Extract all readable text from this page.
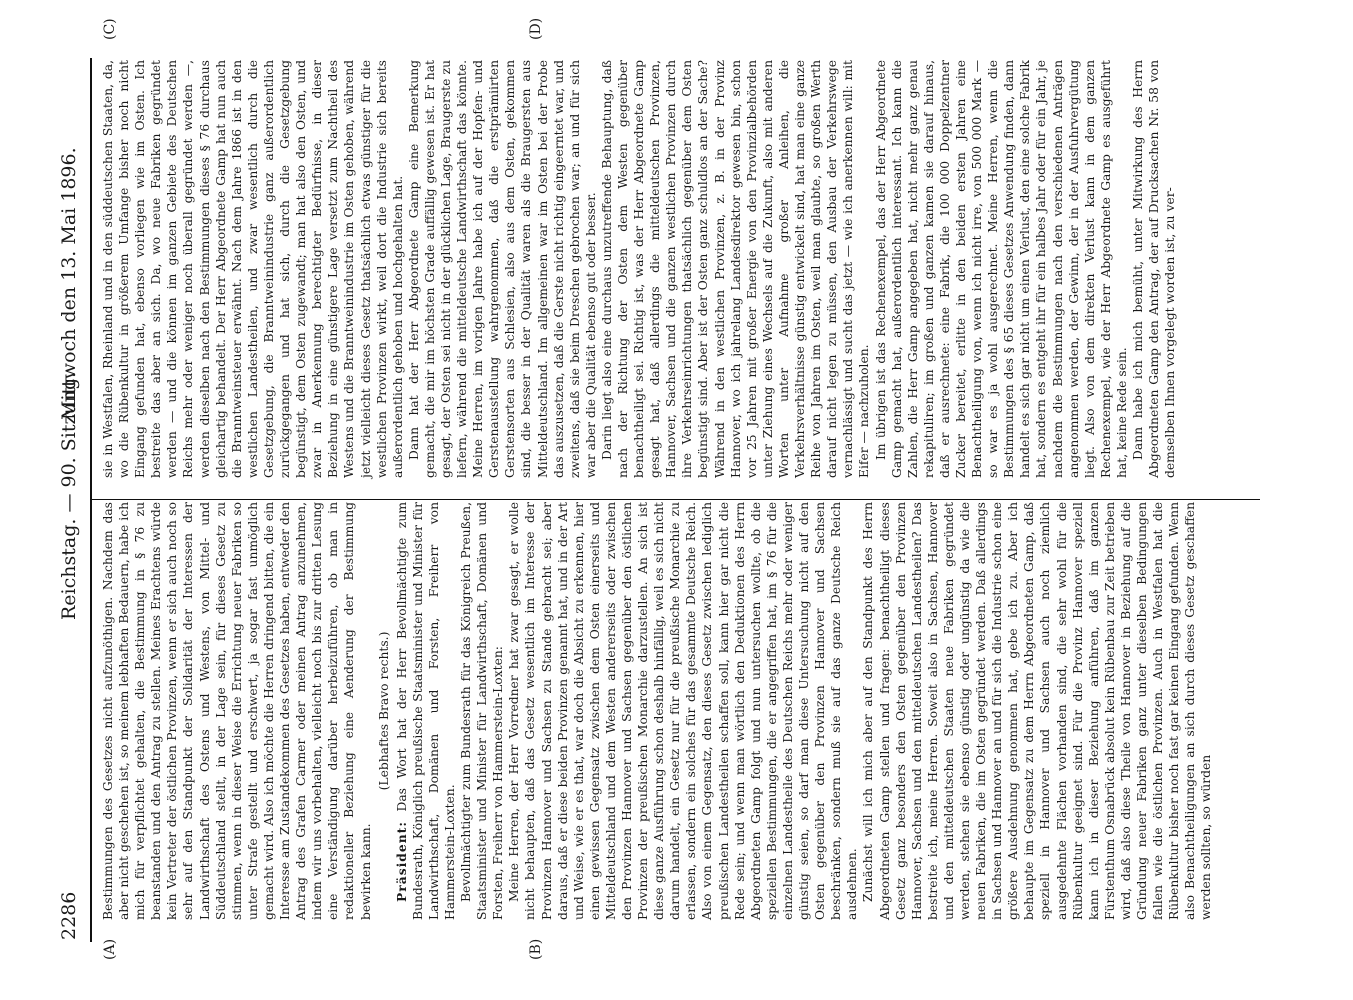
2286
Reichstag. — 90. Sitzung.
Mittwoch den 13. Mai 1896.
(A)	(B)
(C)	(D)

Bestimmungen des Gesetzes nicht aufzunöthigen. Nachdem das aber nicht geschehen ist, so meinem lebhaften Bedauern, habe ich mich für verpflichtet gehalten, die Bestimmung in § 76 zu beanstanden und den Antrag zu stellen. Meines Erachtens würde kein Vertreter der östlichen Provinzen, wenn er sich auch noch so sehr auf den Standpunkt der Solidarität der Interessen der Landwirthschaft des Ostens und Westens, von Mittel- und Süddeutschland stellt, in der Lage sein, für dieses Gesetz zu stimmen, wenn in dieser Weise die Errichtung neuer Fabriken so unter Strafe gestellt und erschwert, ja sogar fast unmöglich gemacht wird. Also ich möchte die Herren dringend bitten, die ein Interesse am Zustandekommen des Gesetzes haben, entweder den Antrag des Grafen Carmer oder meinen Antrag anzunehmen, indem wir uns vorbehalten, vielleicht noch bis zur dritten Lesung eine Verständigung darüber herbeizuführen, ob man in redaktioneller Beziehung eine Aenderung der Bestimmung bewirken kann.

(Lebhaftes Bravo rechts.)

Präsident: Das Wort hat der Herr Bevollmächtigte zum Bundesrath, Königlich preußische Staatsminister und Minister für Landwirthschaft, Domänen und Forsten, Freiherr von Hammerstein-Loxten. Bevollmächtigter zum Bundesrath für das Königreich Preußen, Staatsminister und Minister für Landwirthschaft, Domänen und Forsten, Freiherr von Hammerstein-Loxten: Meine Herren, der Herr Vorredner hat zwar gesagt, er wolle nicht behaupten, daß das Gesetz wesentlich im Interesse der Provinzen Hannover und Sachsen zu Stande gebracht sei; aber daraus, daß er diese beiden Provinzen genannt hat, und in der Art und Weise, wie er es that, war doch die Absicht zu erkennen, hier einen gewissen Gegensatz zwischen dem Osten einerseits und Mitteldeutschland und dem Westen andererseits oder zwischen den Provinzen Hannover und Sachsen gegenüber den östlichen Provinzen der preußischen Monarchie darzustellen. An sich ist diese ganze Ausführung schon deshalb hinfällig, weil es sich nicht darum handelt, ein Gesetz nur für die preußische Monarchie zu erlassen, sondern ein solches für das gesammte Deutsche Reich. Also von einem Gegensatz, den dieses Gesetz zwischen lediglich preußischen Landestheilen schaffen soll, kann hier gar nicht die Rede sein; und wenn man wörtlich den Deduktionen des Herrn Abgeordneten Gamp folgt und nun untersuchen wollte, ob die speziellen Bestimmungen, die er angegriffen hat, im § 76 für die einzelnen Landestheile des Deutschen Reichs mehr oder weniger günstig seien, so darf man diese Untersuchung nicht auf den Osten gegenüber den Provinzen Hannover und Sachsen beschränken, sondern muß sie auf das ganze Deutsche Reich ausdehnen. Zunächst will ich mich aber auf den Standpunkt des Herrn Abgeordneten Gamp stellen und fragen: benachtheiligt dieses Gesetz ganz besonders den Osten gegenüber den Provinzen Hannover, Sachsen und den mitteldeutschen Landestheilen? Das bestreite ich, meine Herren. Soweit also in Sachsen, Hannover und den mitteldeutschen Staaten neue Fabriken gegründet werden, stehen sie ebenso günstig oder ungünstig da wie die neuen Fabriken, die im Osten gegründet werden. Daß allerdings in Sachsen und Hannover an und für sich die Industrie schon eine größere Ausdehnung genommen hat, gebe ich zu. Aber ich behaupte im Gegensatz zu dem Herrn Abgeordneten Gamp, daß speziell in Hannover und Sachsen auch noch ziemlich ausgedehnte Flächen vorhanden sind, die sehr wohl für die Rübenkultur geeignet sind. Für die Provinz Hannover speziell kann ich in dieser Beziehung anführen, daß im ganzen Fürstenthum Osnabrück absolut kein Rübenbau zur Zeit betrieben wird, daß also diese Theile von Hannover in Beziehung auf die Gründung neuer Fabriken ganz unter dieselben Bedingungen fallen wie die östlichen Provinzen. Auch in Westfalen hat die Rübenkultur bisher noch fast gar keinen Eingang gefunden. Wenn also Benachtheiligungen an sich durch dieses Gesetz geschaffen werden sollten, so würden

sie in Westfalen, Rheinland und in den süddeutschen Staaten, da, wo die Rübenkultur in größerem Umfange bisher noch nicht Eingang gefunden hat, ebenso vorliegen wie im Osten. Ich bestreite das aber an sich. Da, wo neue Fabriken gegründet werden — und die können im ganzen Gebiete des Deutschen Reichs mehr oder weniger noch überall gegründet werden —, werden dieselben nach den Bestimmungen dieses § 76 durchaus gleichartig behandelt. Der Herr Abgeordnete Gamp hat nun auch die Branntweinsteuer erwähnt. Nach dem Jahre 1866 ist in den westlichen Landestheilen, und zwar wesentlich durch die Gesetzgebung, die Branntweinindustrie ganz außerordentlich zurückgegangen und hat sich, durch die Gesetzgebung begünstigt, dem Osten zugewandt; man hat also den Osten, und zwar in Anerkennung berechtigter Bedürfnisse, in dieser Beziehung in eine günstigere Lage versetzt zum Nachtheil des Westens und die Branntweinindustrie im Osten gehoben, während jetzt vielleicht dieses Gesetz thatsächlich etwas günstiger für die westlichen Provinzen wirkt, weil dort die Industrie sich bereits außerordentlich gehoben und hochgehalten hat. Dann hat der Herr Abgeordnete Gamp eine Bemerkung gemacht, die mir im höchsten Grade auffällig gewesen ist. Er hat gesagt, der Osten sei nicht in der glücklichen Lage, Braugerste zu liefern, während die mitteldeutsche Landwirthschaft das könnte. Meine Herren, im vorigen Jahre habe ich auf der Hopfen- und Gerstenausstellung wahrgenommen, daß die erstprämiirten Gerstensorten aus Schlesien, also aus dem Osten, gekommen sind, die besser in der Qualität waren als die Braugersten aus Mitteldeutschland. Im allgemeinen war im Osten bei der Probe das auszusetzen, daß die Gerste nicht richtig eingeerntet war, und zweitens, daß sie beim Dreschen gebrochen war; an und für sich war aber die Qualität ebenso gut oder besser. Darin liegt also eine durchaus unzutreffende Behauptung, daß nach der Richtung der Osten dem Westen gegenüber benachtheiligt sei. Richtig ist, was der Herr Abgeordnete Gamp gesagt hat, daß allerdings die mitteldeutschen Provinzen, Hannover, Sachsen und die ganzen westlichen Provinzen durch ihre Verkehrseinrichtungen thatsächlich gegenüber dem Osten begünstigt sind. Aber ist der Osten ganz schuldlos an der Sache? Während in den westlichen Provinzen, z. B. in der Provinz Hannover, wo ich jahrelang Landesdirektor gewesen bin, schon vor 25 Jahren mit großer Energie von den Provinzialbehörden unter Ziehung eines Wechsels auf die Zukunft, also mit anderen Worten unter Aufnahme großer Anleihen, die Verkehrsverhältnisse günstig entwickelt sind, hat man eine ganze Reihe von Jahren im Osten, weil man glaubte, so großen Werth darauf nicht legen zu müssen, den Ausbau der Verkehrswege vernachlässigt und sucht das jetzt — wie ich anerkennen will: mit Eifer — nachzuholen. Im übrigen ist das Rechenexempel, das der Herr Abgeordnete Gamp gemacht hat, außerordentlich interessant. Ich kann die Zahlen, die Herr Gamp angegeben hat, nicht mehr ganz genau rekapituliren; im großen und ganzen kamen sie darauf hinaus, daß er ausrechnete: eine Fabrik, die 100 000 Doppelzentner Zucker bereitet, erlitte in den beiden ersten Jahren eine Benachtheiligung von, wenn ich nicht irre, von 500 000 Mark — so war es ja wohl ausgerechnet. Meine Herren, wenn die Bestimmungen des § 65 dieses Gesetzes Anwendung finden, dann handelt es sich gar nicht um einen Verlust, den eine solche Fabrik hat, sondern es entgeht ihr für ein halbes Jahr oder für ein Jahr, je nachdem die Bestimmungen nach den verschiedenen Anträgen angenommen werden, der Gewinn, der in der Ausfuhrvergütung liegt. Also von dem direkten Verlust kann in dem ganzen Rechenexempel, wie der Herr Abgeordnete Gamp es ausgeführt hat, keine Rede sein. Dann habe ich mich bemüht, unter Mitwirkung des Herrn Abgeordneten Gamp den Antrag, der auf Drucksachen Nr. 58 von demselben Ihnen vorgelegt worden ist, zu ver-
